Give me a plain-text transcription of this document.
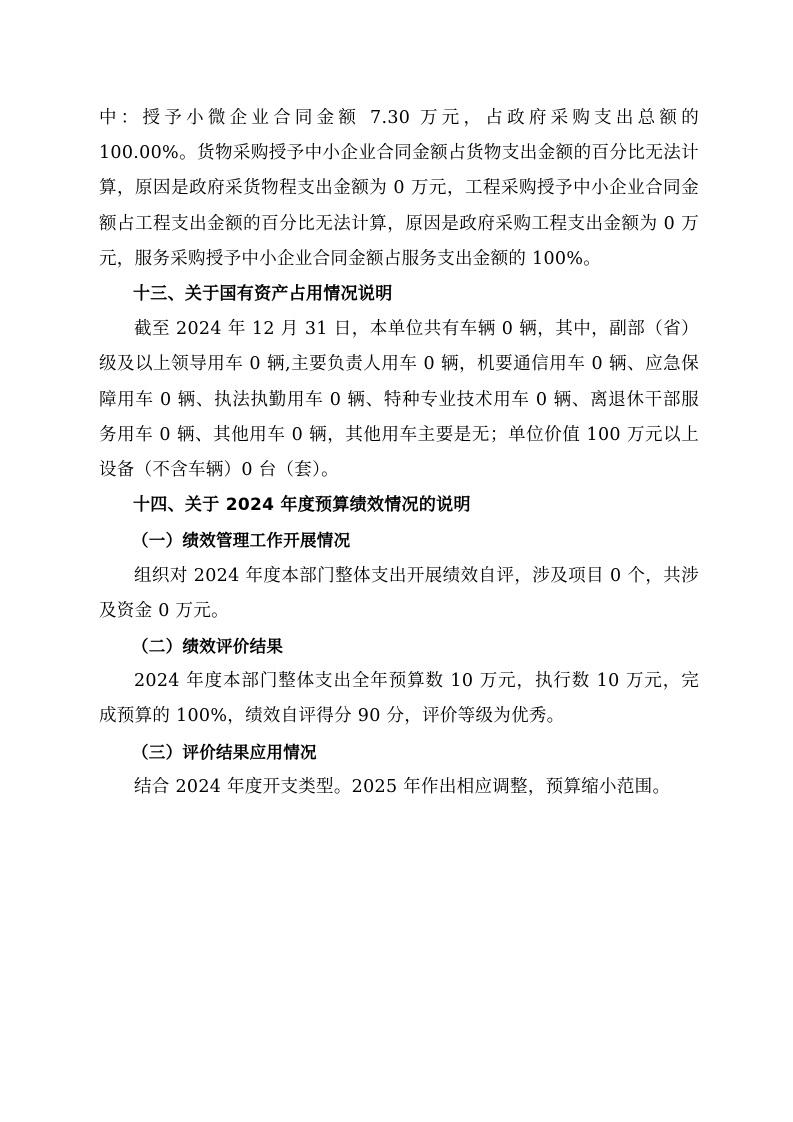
中：授予小微企业合同金额 7.30 万元，占政府采购支出总额的 100.00%。货物采购授予中小企业合同金额占货物支出金额的百分比无法计算，原因是政府采货物程支出金额为 0 万元，工程采购授予中小企业合同金额占工程支出金额的百分比无法计算，原因是政府采购工程支出金额为 0 万元，服务采购授予中小企业合同金额占服务支出金额的 100%。

十三、关于国有资产占用情况说明

截至 2024 年 12 月 31 日，本单位共有车辆 0 辆，其中，副部（省）级及以上领导用车 0 辆,主要负责人用车 0 辆，机要通信用车 0 辆、应急保障用车 0 辆、执法执勤用车 0 辆、特种专业技术用车 0 辆、离退休干部服务用车 0 辆、其他用车 0 辆，其他用车主要是无；单位价值 100 万元以上设备（不含车辆）0 台（套）。

十四、关于 2024 年度预算绩效情况的说明

（一）绩效管理工作开展情况

组织对 2024 年度本部门整体支出开展绩效自评，涉及项目 0 个，共涉及资金 0 万元。

（二）绩效评价结果

2024 年度本部门整体支出全年预算数 10 万元，执行数 10 万元，完成预算的 100%，绩效自评得分 90 分，评价等级为优秀。

（三）评价结果应用情况

结合 2024 年度开支类型。2025 年作出相应调整，预算缩小范围。
